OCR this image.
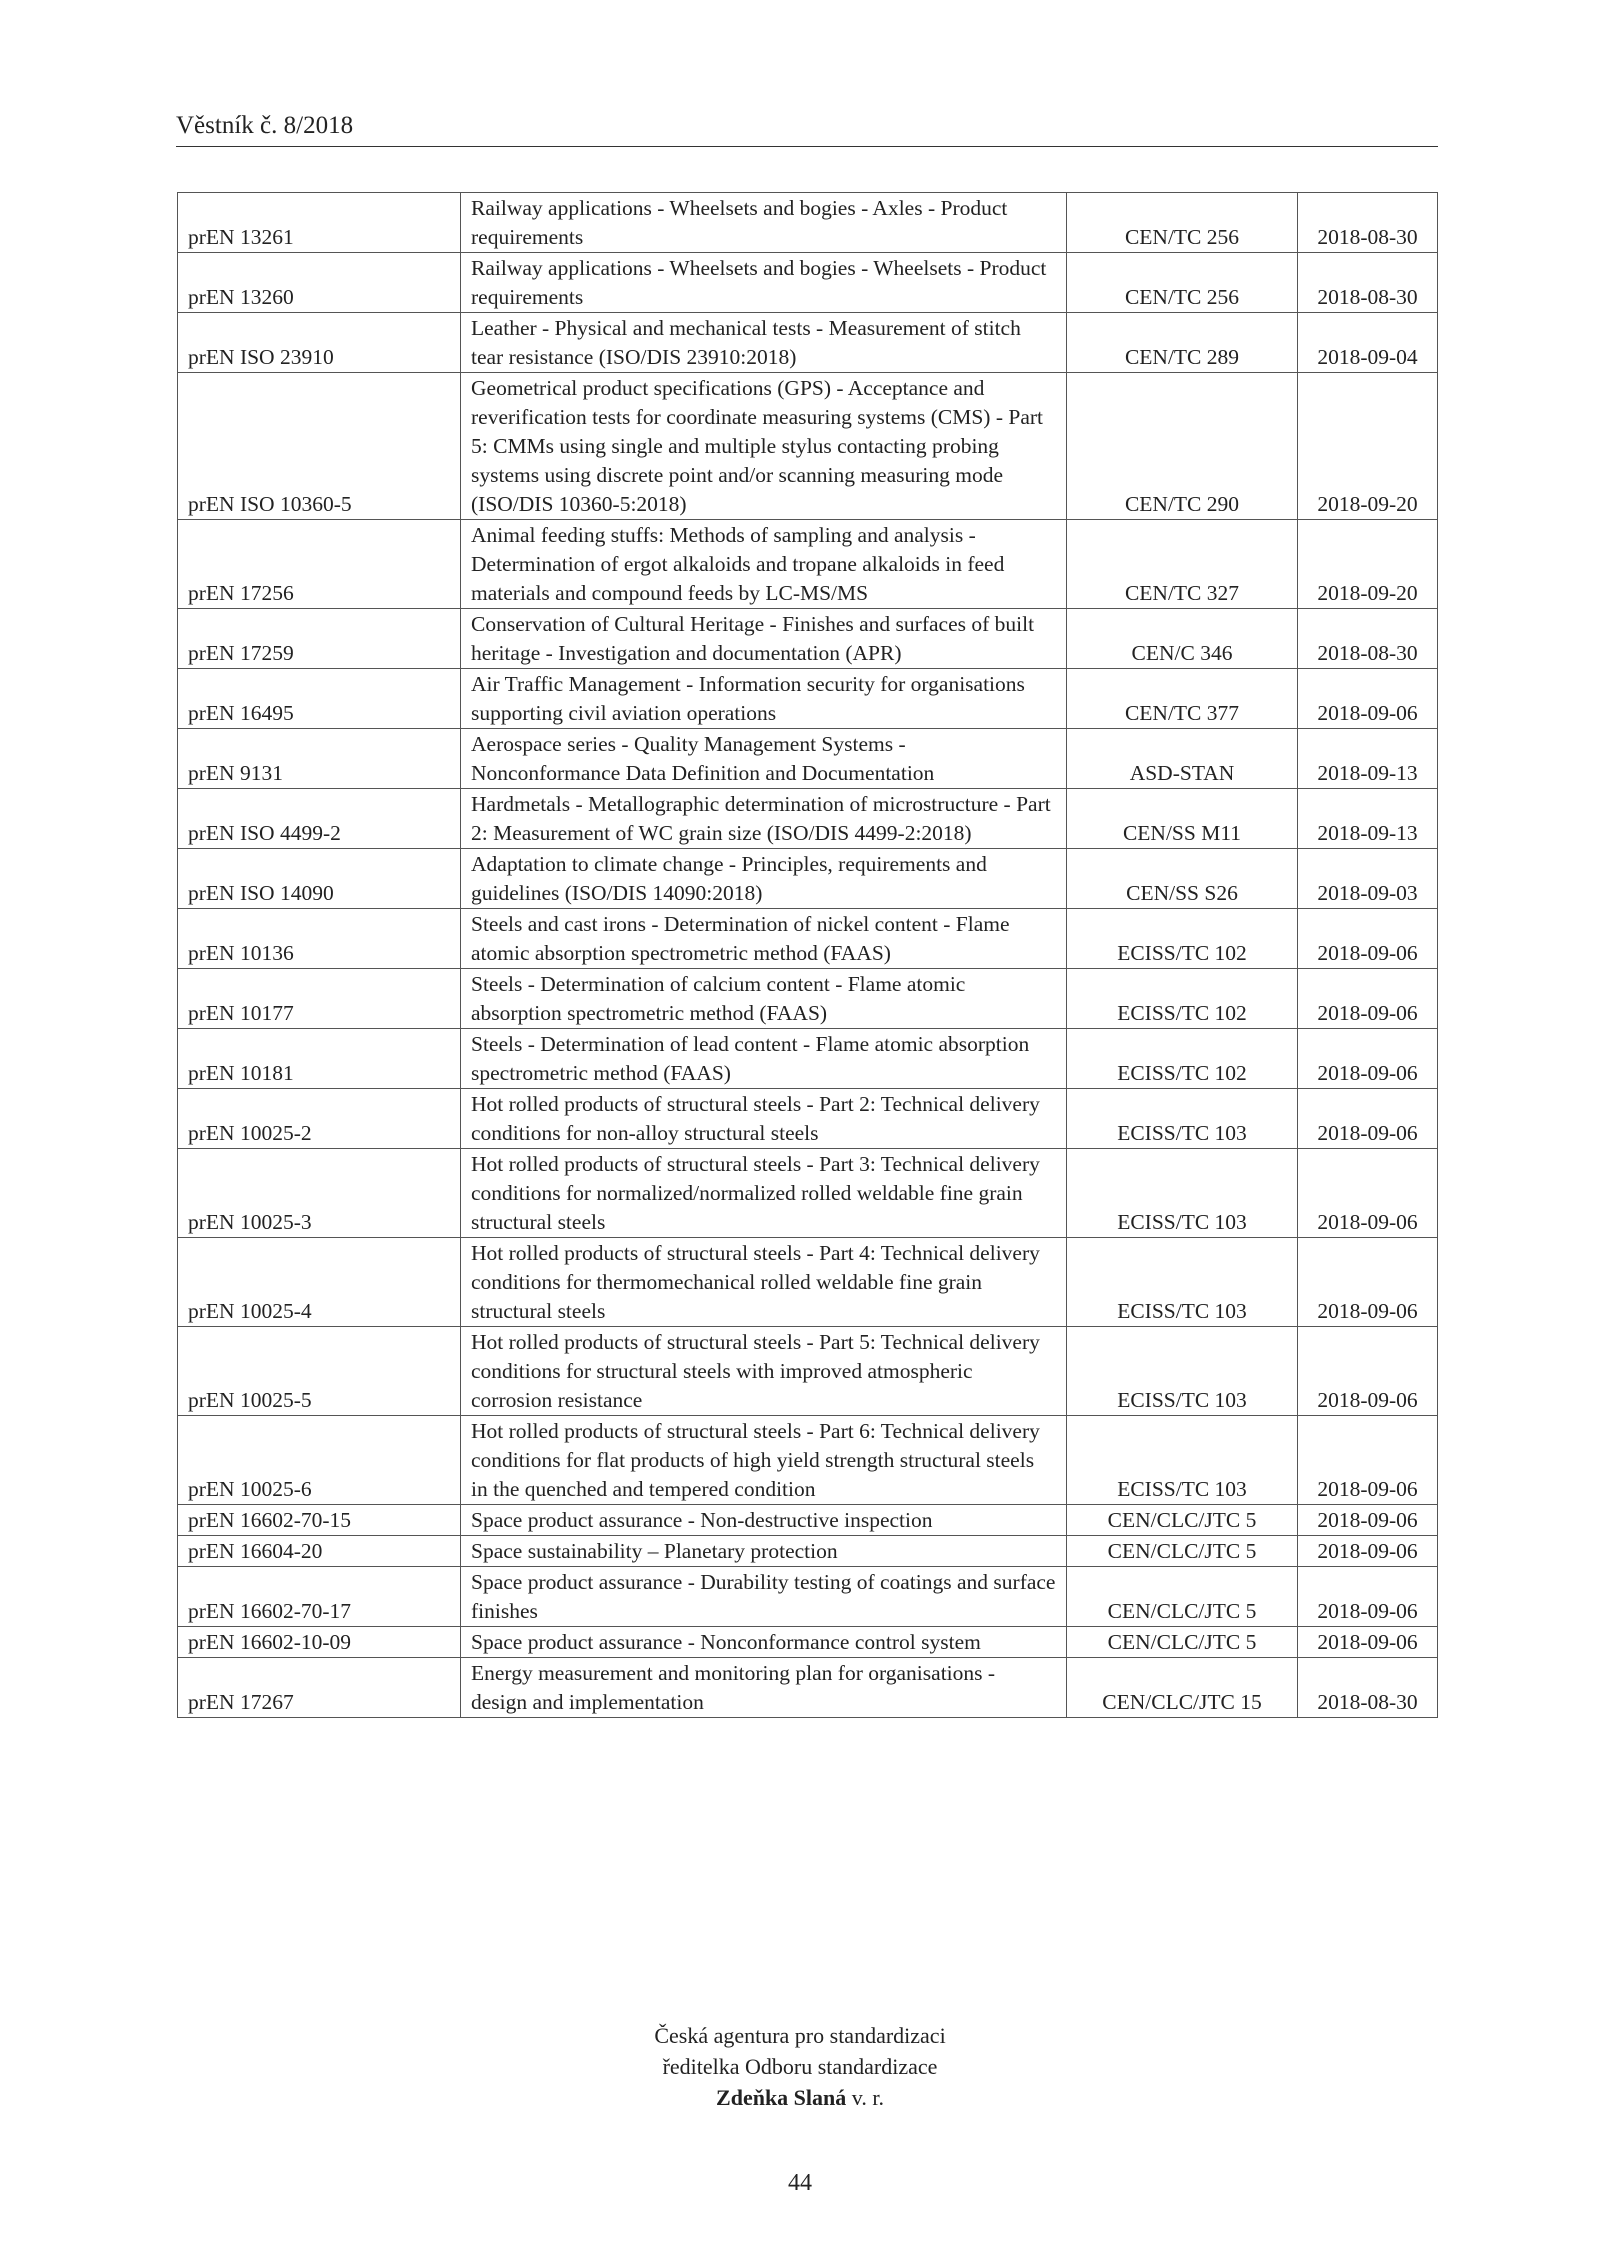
Věstník č. 8/2018
prEN 13261	Railway applications - Wheelsets and bogies - Axles - Product requirements	CEN/TC 256	2018-08-30
prEN 13260	Railway applications - Wheelsets and bogies - Wheelsets - Product requirements	CEN/TC 256	2018-08-30
prEN ISO 23910	Leather - Physical and mechanical tests - Measurement of stitch tear resistance (ISO/DIS 23910:2018)	CEN/TC 289	2018-09-04
prEN ISO 10360-5	Geometrical product specifications (GPS) - Acceptance and reverification tests for coordinate measuring systems (CMS) - Part 5: CMMs using single and multiple stylus contacting probing systems using discrete point and/or scanning measuring mode (ISO/DIS 10360-5:2018)	CEN/TC 290	2018-09-20
prEN 17256	Animal feeding stuffs: Methods of sampling and analysis - Determination of ergot alkaloids and tropane alkaloids in feed materials and compound feeds by LC-MS/MS	CEN/TC 327	2018-09-20
prEN 17259	Conservation of Cultural Heritage - Finishes and surfaces of built heritage - Investigation and documentation (APR)	CEN/C 346	2018-08-30
prEN 16495	Air Traffic Management - Information security for organisations supporting civil aviation operations	CEN/TC 377	2018-09-06
prEN 9131	Aerospace series - Quality Management Systems - Nonconformance Data Definition and Documentation	ASD-STAN	2018-09-13
prEN ISO 4499-2	Hardmetals - Metallographic determination of microstructure - Part 2: Measurement of WC grain size (ISO/DIS 4499-2:2018)	CEN/SS M11	2018-09-13
prEN ISO 14090	Adaptation to climate change - Principles, requirements and guidelines (ISO/DIS 14090:2018)	CEN/SS S26	2018-09-03
prEN 10136	Steels and cast irons - Determination of nickel content - Flame atomic absorption spectrometric method (FAAS)	ECISS/TC 102	2018-09-06
prEN 10177	Steels - Determination of calcium content - Flame atomic absorption spectrometric method (FAAS)	ECISS/TC 102	2018-09-06
prEN 10181	Steels - Determination of lead content - Flame atomic absorption spectrometric method (FAAS)	ECISS/TC 102	2018-09-06
prEN 10025-2	Hot rolled products of structural steels - Part 2: Technical delivery conditions for non-alloy structural steels	ECISS/TC 103	2018-09-06
prEN 10025-3	Hot rolled products of structural steels - Part 3: Technical delivery conditions for normalized/normalized rolled weldable fine grain structural steels	ECISS/TC 103	2018-09-06
prEN 10025-4	Hot rolled products of structural steels - Part 4: Technical delivery conditions for thermomechanical rolled weldable fine grain structural steels	ECISS/TC 103	2018-09-06
prEN 10025-5	Hot rolled products of structural steels - Part 5: Technical delivery conditions for structural steels with improved atmospheric corrosion resistance	ECISS/TC 103	2018-09-06
prEN 10025-6	Hot rolled products of structural steels - Part 6: Technical delivery conditions for flat products of high yield strength structural steels in the quenched and tempered condition	ECISS/TC 103	2018-09-06
prEN 16602-70-15	Space product assurance - Non-destructive inspection	CEN/CLC/JTC 5	2018-09-06
prEN 16604-20	Space sustainability – Planetary protection	CEN/CLC/JTC 5	2018-09-06
prEN 16602-70-17	Space product assurance - Durability testing of coatings and surface finishes	CEN/CLC/JTC 5	2018-09-06
prEN 16602-10-09	Space product assurance - Nonconformance control system	CEN/CLC/JTC 5	2018-09-06
prEN 17267	Energy measurement and monitoring plan for organisations - design and implementation	CEN/CLC/JTC 15	2018-08-30
Česká agentura pro standardizaci
ředitelka Odboru standardizace
Zdeňka Slaná v. r.
44
